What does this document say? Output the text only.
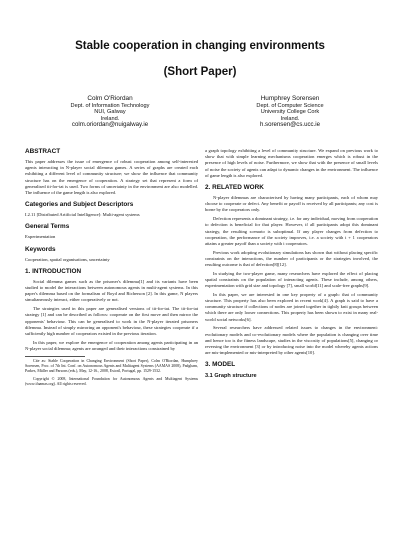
Stable cooperation in changing environments
(Short Paper)
Colm O'Riordan
Dept. of Information Technology
NUI, Galway
Ireland.
colm.oriordan@nuigalway.ie
Humphrey Sorensen
Dept. of Computer Science
University College Cork
Ireland.
h.sorensen@cs.ucc.ie
ABSTRACT

This paper addresses the issue of emergence of robust cooperation among self-interested agents interacting in N-player social dilemma games. A series of graphs are created each exhibiting a different level of community structure; we show the influence that community structure has on the emergence of cooperation. A strategy set that represent a form of generalised tit-for-tat is used. Two forms of uncertainty in the environment are also modelled. The influence of the game length is also explored.

Categories and Subject Descriptors

I.2.11 [Distributed Artificial Intelligence]: Multi-agent systems

General Terms

Experimentation

Keywords

Cooperation, spatial organisations, uncertainty

1. INTRODUCTION

Social dilemma games such as the prisoner's dilemma[1] and its variants have been studied to model the interactions between autonomous agents in multi-agent systems. In this paper's dilemma based on the formalism of Boyd and Richerson [2]. In this game, N players simultaneously interact, either cooperatively or not.

The strategies used in this paper are generalised versions of tit-for-tat. The tit-for-tat strategy [1] and can be described as follows: cooperate on the first move and then mirror the opponents' behaviour. This can be generalised to work in the N-player iterated prisoners dilemma. Instead of simply mirroring an opponent's behaviour, these strategies cooperate if a sufficiently high number of cooperators existed in the previous iteration.

In this paper, we explore the emergence of cooperation among agents participating in an N-player social dilemma; agents are arranged and their interactions constrained by

Cite as: Stable Cooperation in Changing Environment (Short Paper), Colm O'Riordan, Humphrey Sorensen, Proc. of 7th Int. Conf. on Autonomous Agents and Multiagent Systems (AAMAS 2008), Padgham, Parkes, Müller and Parsons (eds.), May, 12-16., 2008, Estoril, Portugal, pp. 1529-1532.

Copyright © 2008, International Foundation for Autonomous Agents and Multiagent Systems (www.ifaamas.org). All rights reserved.

a graph topology exhibiting a level of community structure. We expand on previous work to show that with simple learning mechanisms cooperation emerges which is robust in the presence of high levels of noise. Furthermore, we show that with the presence of small levels of noise the society of agents can adapt to dynamic changes in the environment. The influence of game length is also explored.

2. RELATED WORK

N-player dilemmas are characterised by having many participants, each of whom may choose to cooperate or defect. Any benefit or payoff is received by all participants; any cost is borne by the cooperators only.

Defection represents a dominant strategy, i.e. for any individual, moving from cooperation to defection is beneficial for that player. However, if all participants adopt this dominant strategy, the resulting scenario is suboptimal. If any player changes from defection to cooperation, the performance of the society improves, i.e. a society with i + 1 cooperators attains a greater payoff than a society with i cooperators.

Previous work adopting evolutionary simulations has shown that without placing specific constraints on the interactions, the number of participants or the strategies involved, the resulting outcome is that of defection[8][12].

In studying the two-player game, many researchers have explored the effect of placing spatial constraints on the population of interacting agents. These include, among others, experimentation with grid size and topology [7], small world[11] and scale-free graphs[9].

In this paper, we are interested in one key property of a graph: that of community structure. This property has also been explored in recent work[4]. A graph is said to have a community structure if collections of nodes are joined together in tightly knit groups between which there are only looser connections. This property has been shown to exist in many real-world social networks[6].

Several researchers have addressed related issues to changes in the environment: evolutionary models and co-evolutionary models where the population is changing over time and hence too is the fitness landscape, studies in the viscosity of populations[5], changing or reversing the environment [3] or by introducing noise into the model whereby agents actions are mis-implemented or mis-interpreted by other agents[10].

3. MODEL
3.1 Graph structure
